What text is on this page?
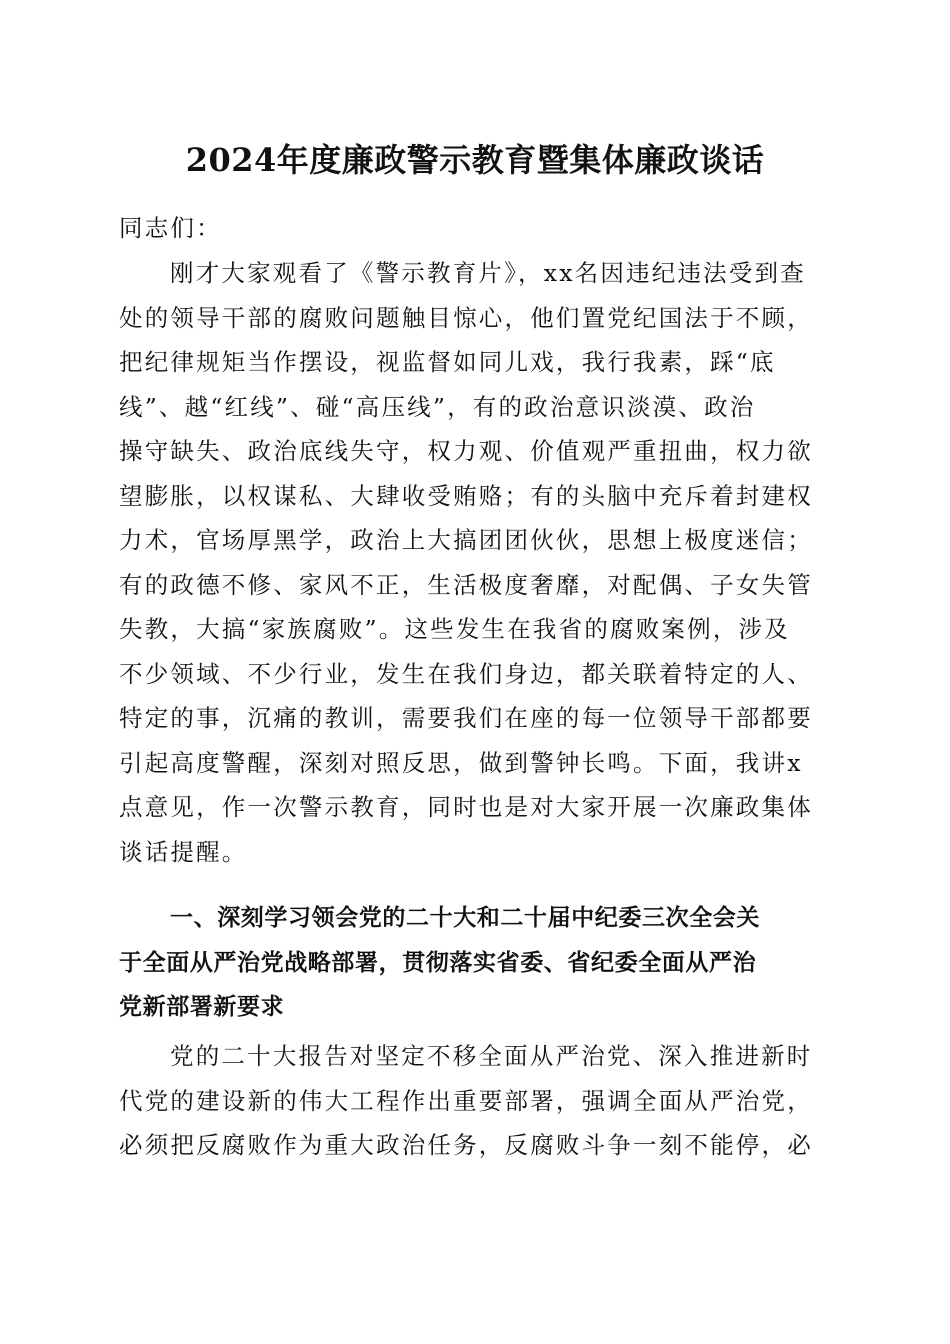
2024年度廉政警示教育暨集体廉政谈话
同志们：
刚才大家观看了《警示教育片》，xx名因违纪违法受到查
处的领导干部的腐败问题触目惊心，他们置党纪国法于不顾，
把纪律规矩当作摆设，视监督如同儿戏，我行我素，踩“底
线”、越“红线”、碰“高压线”，有的政治意识淡漠、政治
操守缺失、政治底线失守，权力观、价值观严重扭曲，权力欲
望膨胀，以权谋私、大肆收受贿赂；有的头脑中充斥着封建权
力术，官场厚黑学，政治上大搞团团伙伙，思想上极度迷信；
有的政德不修、家风不正，生活极度奢靡，对配偶、子女失管
失教，大搞“家族腐败”。这些发生在我省的腐败案例，涉及
不少领域、不少行业，发生在我们身边，都关联着特定的人、
特定的事，沉痛的教训，需要我们在座的每一位领导干部都要
引起高度警醒，深刻对照反思，做到警钟长鸣。下面，我讲x
点意见，作一次警示教育，同时也是对大家开展一次廉政集体
谈话提醒。
一、深刻学习领会党的二十大和二十届中纪委三次全会关
于全面从严治党战略部署，贯彻落实省委、省纪委全面从严治
党新部署新要求
党的二十大报告对坚定不移全面从严治党、深入推进新时
代党的建设新的伟大工程作出重要部署，强调全面从严治党，
必须把反腐败作为重大政治任务，反腐败斗争一刻不能停，必
